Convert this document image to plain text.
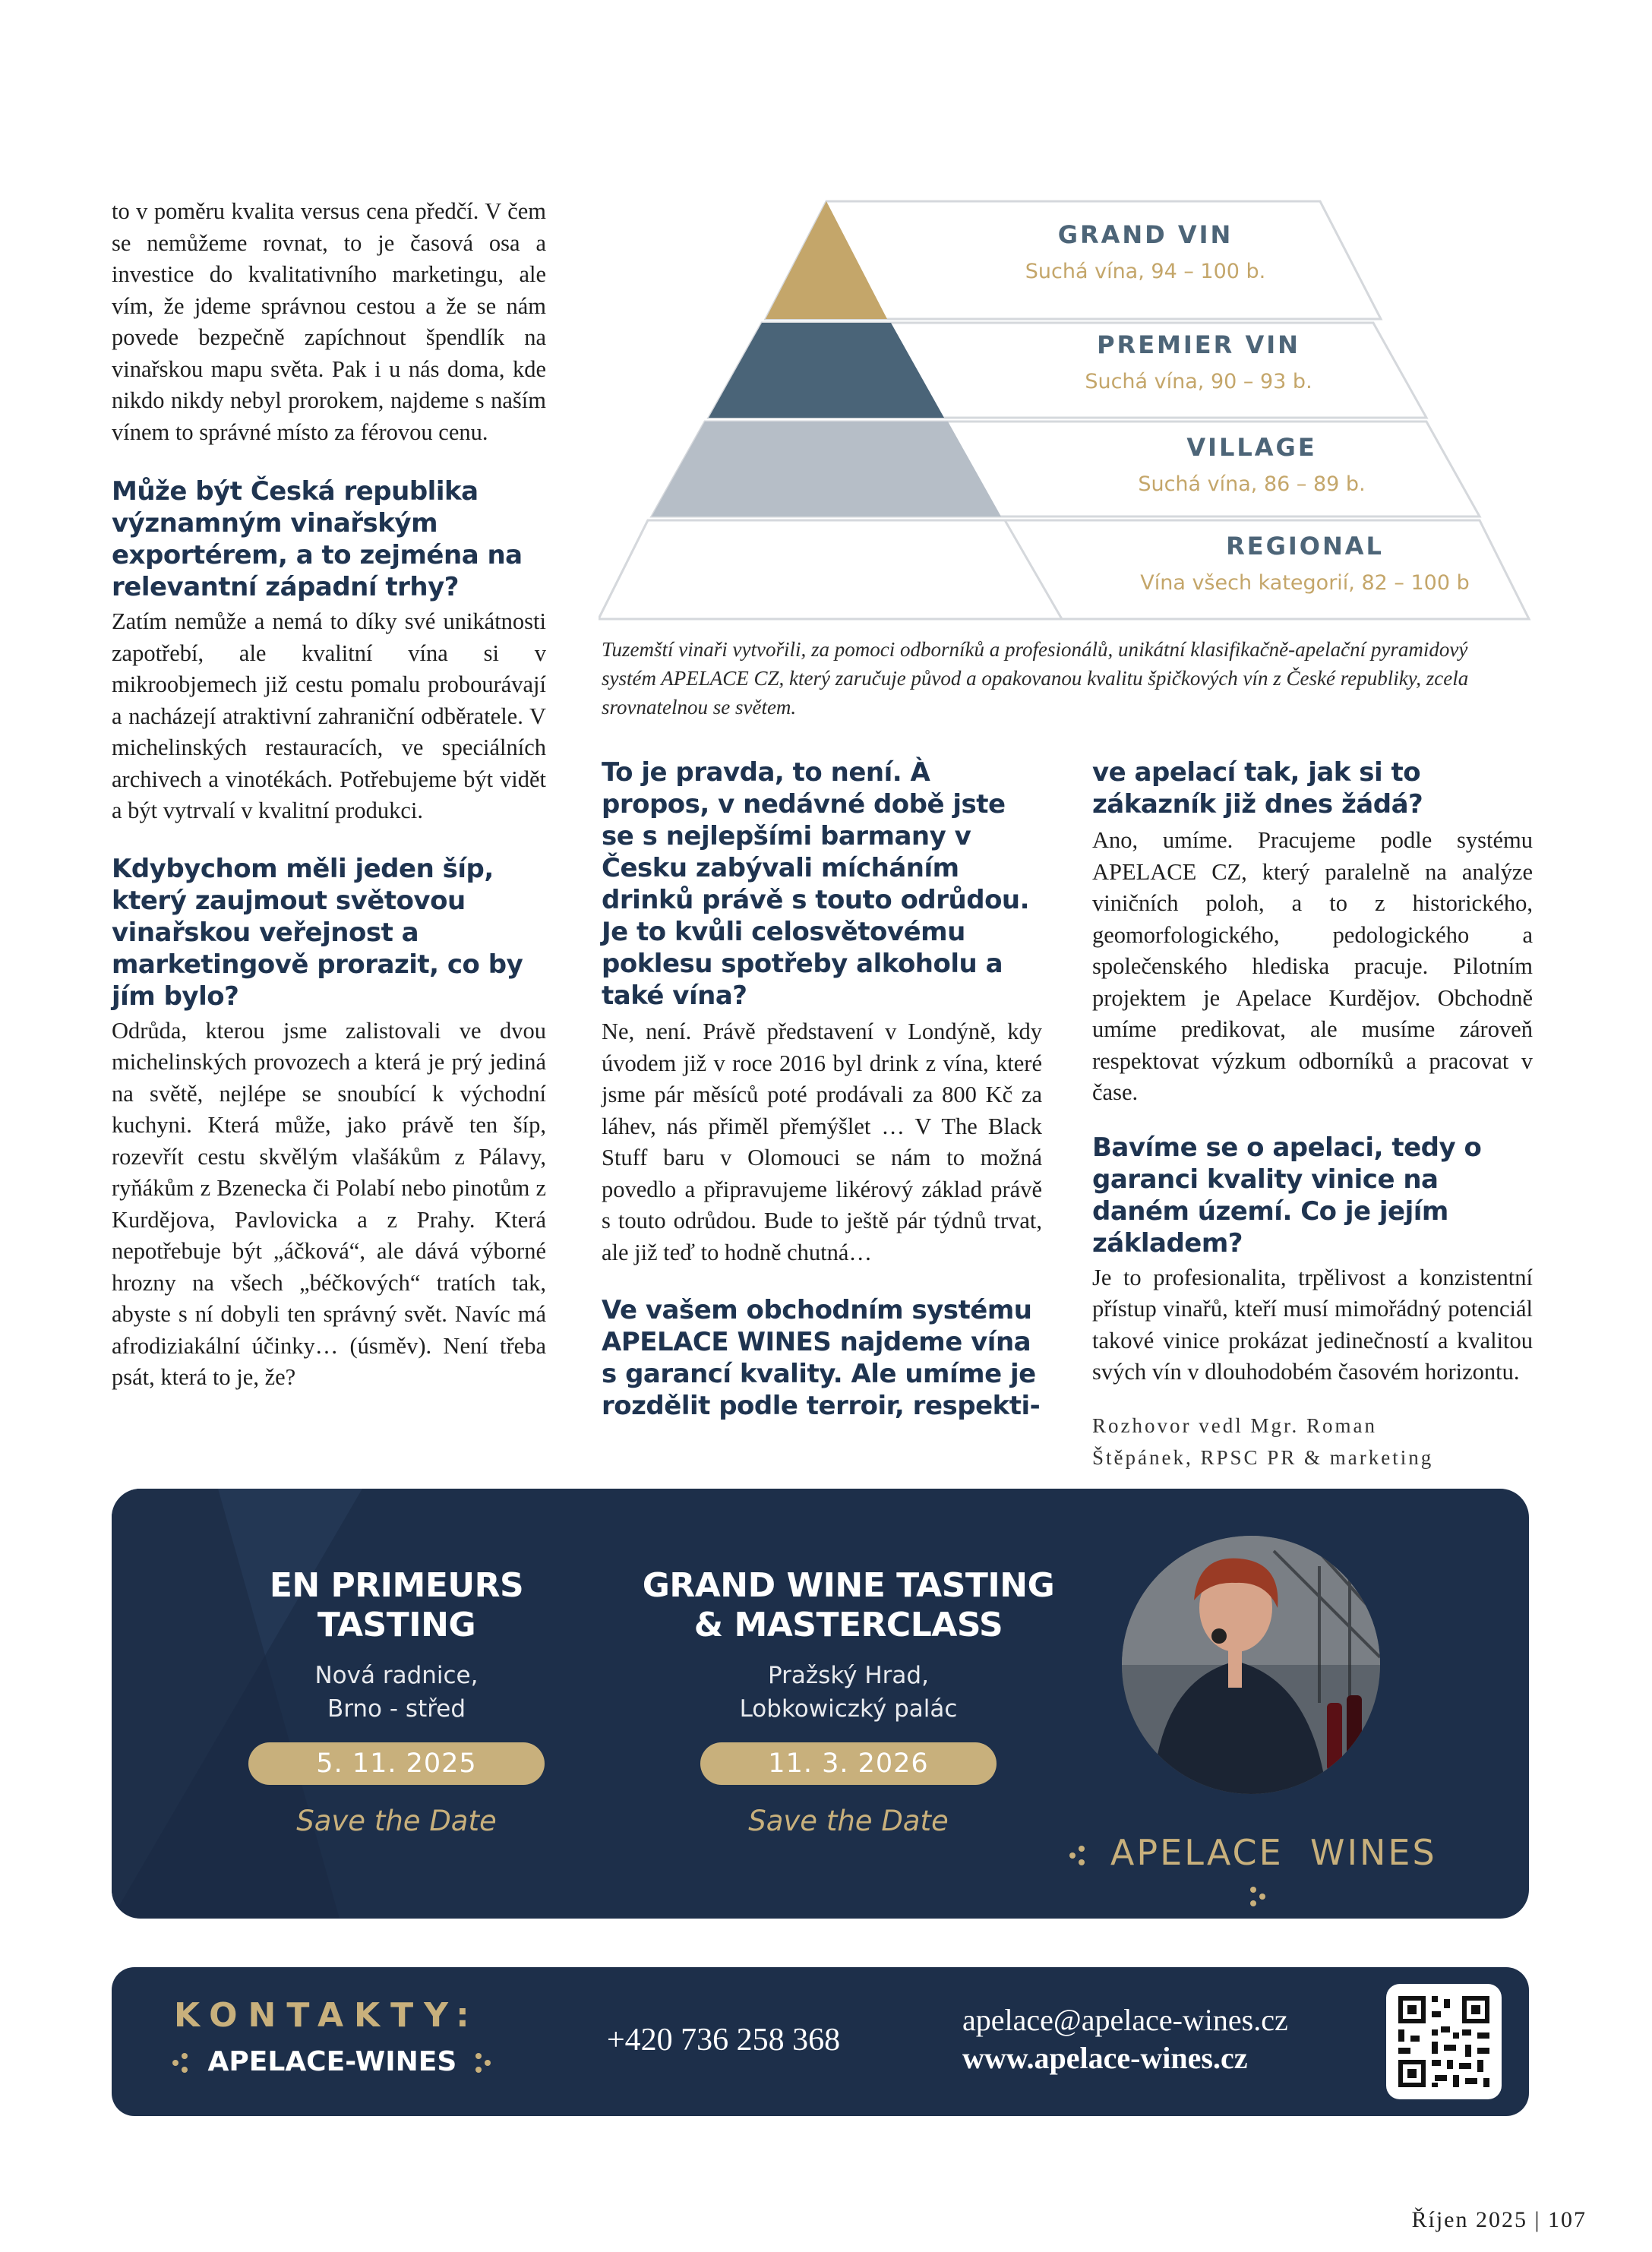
to v poměru kvalita versus cena předčí. V čem se nemůžeme rovnat, to je časová osa a investice do kvalitativního marketingu, ale vím, že jdeme správnou cestou a že se nám povede bezpečně zapíchnout špendlík na vinařskou mapu světa. Pak i u nás doma, kde nikdo nikdy nebyl prorokem, najdeme s naším vínem to správné místo za férovou cenu.

Může být Česká republika významným vinařským exportérem, a to zejména na relevantní západní trhy?

Zatím nemůže a nemá to díky své unikátnosti zapotřebí, ale kvalitní vína si v mikroobjemech již cestu pomalu probourávají a nacházejí atraktivní zahraniční odběratele. V michelinských restauracích, ve speciálních archivech a vinotékách. Potřebujeme být vidět a být vytrvalí v kvalitní produkci.

Kdybychom měli jeden šíp, který zaujmout světovou vinařskou veřejnost a marketingově prorazit, co by jím bylo?

Odrůda, kterou jsme zalistovali ve dvou michelinských provozech a která je prý jediná na světě, nejlépe se snoubící k východní kuchyni. Která může, jako právě ten šíp, rozevřít cestu skvělým vlašákům z Pálavy, ryňákům z Bzenecka či Polabí nebo pinotům z Kurdějova, Pavlovicka a z Prahy. Která nepotřebuje být „áčková“, ale dává výborné hrozny na všech „béčkových“ tratích tak, abyste s ní dobyli ten správný svět. Navíc má afrodiziakální účinky… (úsměv). Není třeba psát, která to je, že?

GRAND VIN
Suchá vína, 94 – 100 b.
PREMIER VIN
Suchá vína, 90 – 93 b.
VILLAGE
Suchá vína, 86 – 89 b.
REGIONAL
Vína všech kategorií, 82 – 100 b

Tuzemští vinaři vytvořili, za pomoci odborníků a profesionálů, unikátní klasifikačně-apelační pyramidový systém APELACE CZ, který zaručuje původ a opakovanou kvalitu špičkových vín z České republiky, zcela srovnatelnou se světem.

To je pravda, to není. À propos, v nedávné době jste se s nejlepšími barmany v Česku zabývali mícháním drinků právě s touto odrůdou. Je to kvůli celosvětovému poklesu spotřeby alkoholu a také vína?

Ne, není. Právě představení v Londýně, kdy úvodem již v roce 2016 byl drink z vína, které jsme pár měsíců poté prodávali za 800 Kč za láhev, nás přiměl přemýšlet … V The Black Stuff baru v Olomouci se nám to možná povedlo a připravujeme likérový základ právě s touto odrůdou. Bude to ještě pár týdnů trvat, ale již teď to hodně chutná…

Ve vašem obchodním systému APELACE WINES najdeme vína s garancí kvality. Ale umíme je rozdělit podle terroir, respekti-
ve apelací tak, jak si to zákazník již dnes žádá?

Ano, umíme. Pracujeme podle systému APELACE CZ, který paralelně na analýze viničních poloh, a to z historického, geomorfologického, pedologického a společenského hlediska pracuje. Pilotním projektem je Apelace Kurdějov. Obchodně umíme predikovat, ale musíme zároveň respektovat výzkum odborníků a pracovat v čase.

Bavíme se o apelaci, tedy o garanci kvality vinice na daném území. Co je jejím základem?

Je to profesionalita, trpělivost a konzistentní přístup vinařů, kteří musí mimořádný potenciál takové vinice prokázat jedinečností a kvalitou svých vín v dlouhodobém časovém horizontu.

Rozhovor vedl Mgr. Roman

Štěpánek, RPSC PR & marketing

EN PRIMEURS
TASTING
Nová radnice,
Brno - střed
5. 11. 2025
Save the Date
GRAND WINE TASTING
& MASTERCLASS
Pražský Hrad,
Lobkowiczký palác
11. 3. 2026
Save the Date
APELACE  WINES
KONTAKTY:
APELACE-WINES
+420 736 258 368
apelace@apelace-wines.cz
www.apelace-wines.cz
Říjen 2025 | 107
